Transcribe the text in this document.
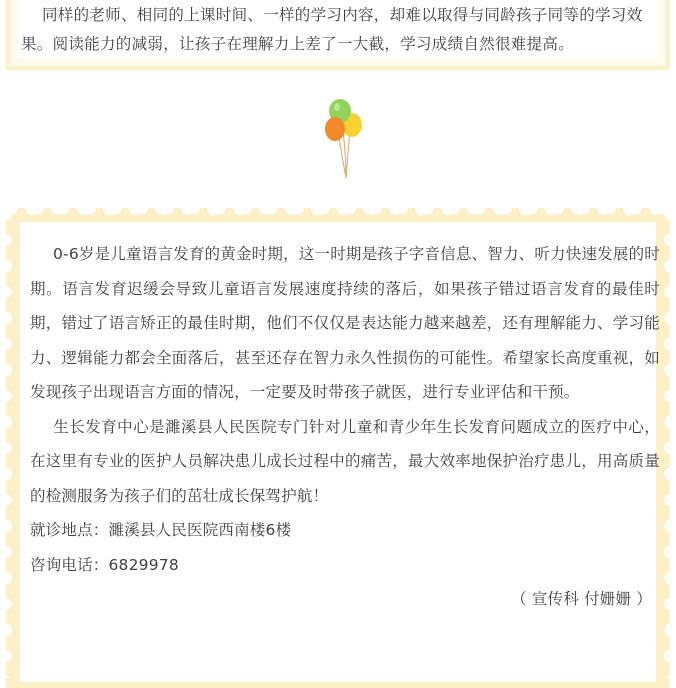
同样的老师、相同的上课时间、一样的学习内容，却难以取得与同龄孩子同等的学习效果。阅读能力的减弱，让孩子在理解力上差了一大截，学习成绩自然很难提高。

0-6岁是儿童语言发育的黄金时期，这一时期是孩子字音信息、智力、听力快速发展的时期。语言发育迟缓会导致儿童语言发展速度持续的落后，如果孩子错过语言发育的最佳时期，错过了语言矫正的最佳时期，他们不仅仅是表达能力越来越差，还有理解能力、学习能力、逻辑能力都会全面落后，甚至还存在智力永久性损伤的可能性。希望家长高度重视，如发现孩子出现语言方面的情况，一定要及时带孩子就医，进行专业评估和干预。

生长发育中心是濉溪县人民医院专门针对儿童和青少年生长发育问题成立的医疗中心，在这里有专业的医护人员解决患儿成长过程中的痛苦，最大效率地保护治疗患儿，用高质量的检测服务为孩子们的茁壮成长保驾护航！

就诊地点：濉溪县人民医院西南楼6楼

咨询电话：6829978

（ 宣传科 付姗姗 ）
